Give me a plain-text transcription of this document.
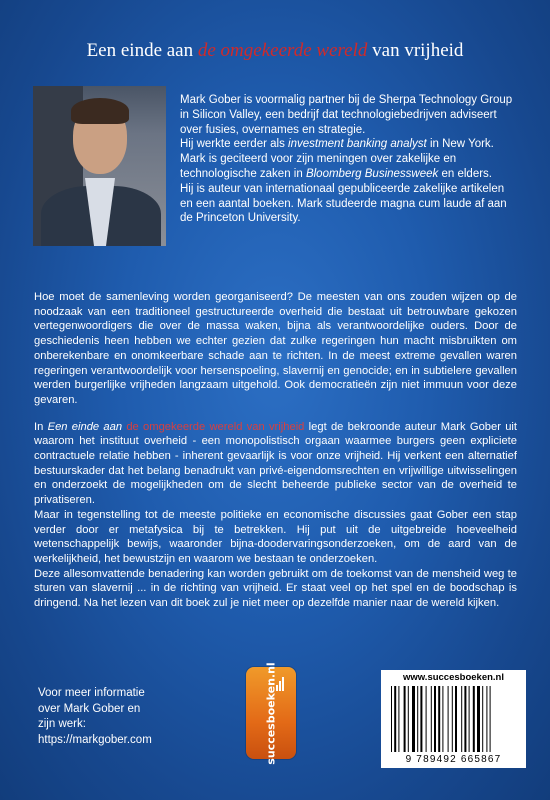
Een einde aan de omgekeerde wereld van vrijheid

Mark Gober is voormalig partner bij de Sherpa Technology Group in Silicon Valley, een bedrijf dat technologiebedrijven adviseert over fusies, overnames en strategie.

Hij werkte eerder als investment banking analyst in New York. Mark is geciteerd voor zijn meningen over zakelijke en technologische zaken in Bloomberg Businessweek en elders.

Hij is auteur van internationaal gepubliceerde zakelijke artikelen en een aantal boeken. Mark studeerde magna cum laude af aan de Princeton University.

Hoe moet de samenleving worden georganiseerd? De meesten van ons zouden wijzen op de noodzaak van een traditioneel gestructureerde overheid die bestaat uit betrouwbare gekozen vertegenwoordigers die over de massa waken, bijna als verantwoordelijke ouders. Door de geschiedenis heen hebben we echter gezien dat zulke regeringen hun macht misbruikten om onberekenbare en onomkeerbare schade aan te richten. In de meest extreme gevallen waren regeringen verantwoordelijk voor hersenspoeling, slavernij en genocide; en in subtielere gevallen werden burgerlijke vrijheden langzaam uitgehold. Ook democratieën zijn niet immuun voor deze gevaren.

In Een einde aan de omgekeerde wereld van vrijheid legt de bekroonde auteur Mark Gober uit waarom het instituut overheid - een monopolistisch orgaan waarmee burgers geen expliciete contractuele relatie hebben - inherent gevaarlijk is voor onze vrijheid. Hij verkent een alternatief bestuurskader dat het belang benadrukt van privé-eigendomsrechten en vrijwillige uitwisselingen en onderzoekt de mogelijkheden om de slecht beheerde publieke sector van de overheid te privatiseren.

Maar in tegenstelling tot de meeste politieke en economische discussies gaat Gober een stap verder door er metafysica bij te betrekken. Hij put uit de uitgebreide hoeveelheid wetenschappelijk bewijs, waaronder bijna-doodervaringsonderzoeken, om de aard van de werkelijkheid, het bewustzijn en waarom we bestaan te onderzoeken.

Deze allesomvattende benadering kan worden gebruikt om de toekomst van de mensheid weg te sturen van slavernij ... in de richting van vrijheid. Er staat veel op het spel en de boodschap is dringend. Na het lezen van dit boek zul je niet meer op dezelfde manier naar de wereld kijken.

Voor meer informatie
over Mark Gober en
zijn werk:
https://markgober.com	succesboeken.nl	www.succesboeken.nl
9 789492 665867
